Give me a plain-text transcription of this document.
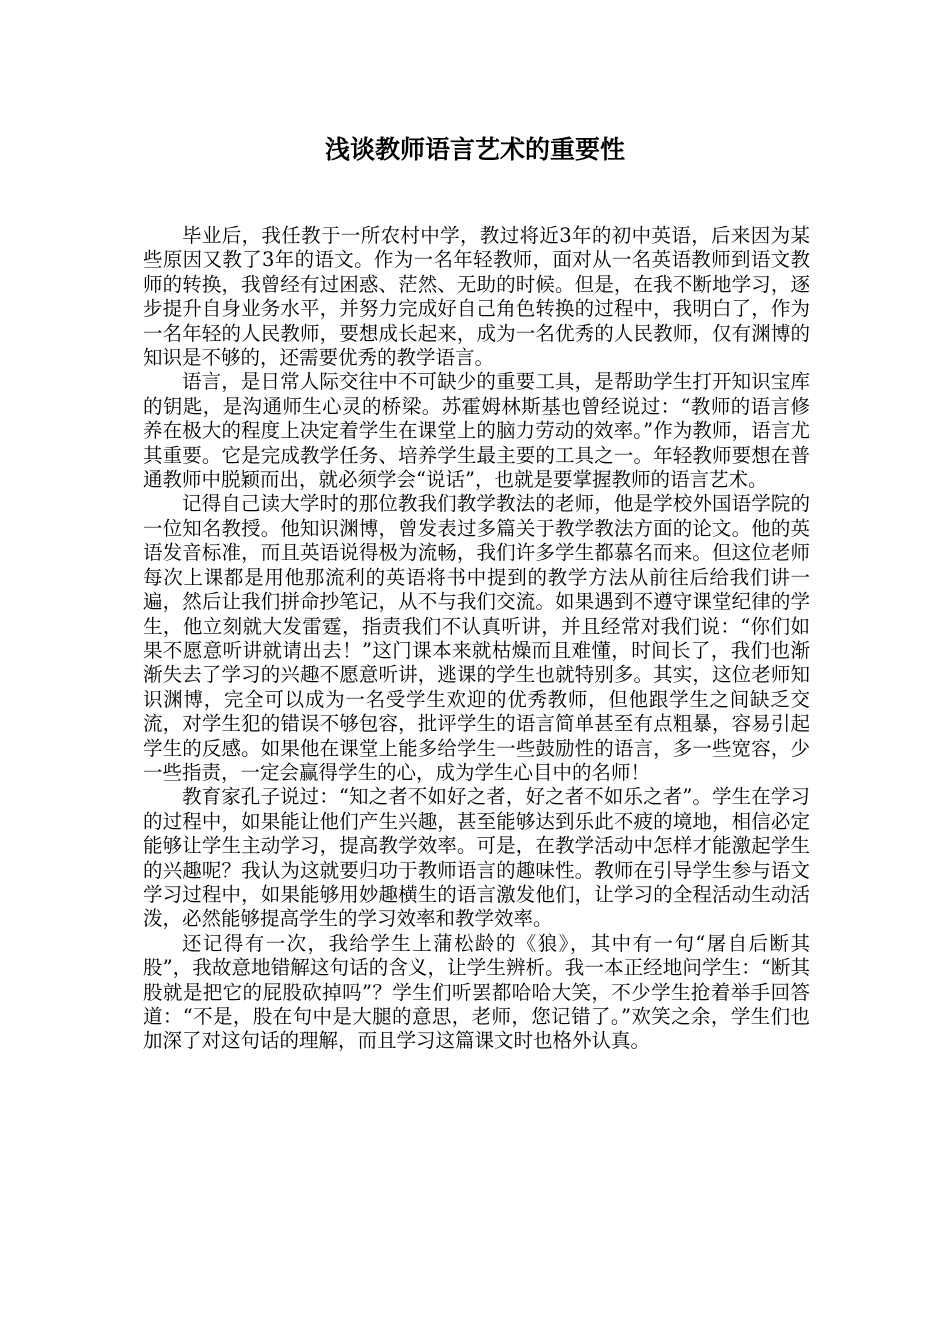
浅谈教师语言艺术的重要性

毕业后，我任教于一所农村中学，教过将近3年的初中英语，后来因为某些原因又教了3年的语文。作为一名年轻教师，面对从一名英语教师到语文教师的转换，我曾经有过困惑、茫然、无助的时候。但是，在我不断地学习，逐步提升自身业务水平，并努力完成好自己角色转换的过程中，我明白了，作为一名年轻的人民教师，要想成长起来，成为一名优秀的人民教师，仅有渊博的知识是不够的，还需要优秀的教学语言。

语言，是日常人际交往中不可缺少的重要工具，是帮助学生打开知识宝库的钥匙，是沟通师生心灵的桥梁。苏霍姆林斯基也曾经说过：“教师的语言修养在极大的程度上决定着学生在课堂上的脑力劳动的效率。”作为教师，语言尤其重要。它是完成教学任务、培养学生最主要的工具之一。年轻教师要想在普通教师中脱颖而出，就必须学会“说话”，也就是要掌握教师的语言艺术。

记得自己读大学时的那位教我们教学教法的老师，他是学校外国语学院的一位知名教授。他知识渊博，曾发表过多篇关于教学教法方面的论文。他的英语发音标准，而且英语说得极为流畅，我们许多学生都慕名而来。但这位老师每次上课都是用他那流利的英语将书中提到的教学方法从前往后给我们讲一遍，然后让我们拼命抄笔记，从不与我们交流。如果遇到不遵守课堂纪律的学生，他立刻就大发雷霆，指责我们不认真听讲，并且经常对我们说：“你们如果不愿意听讲就请出去！”这门课本来就枯燥而且难懂，时间长了，我们也渐渐失去了学习的兴趣不愿意听讲，逃课的学生也就特别多。其实，这位老师知识渊博，完全可以成为一名受学生欢迎的优秀教师，但他跟学生之间缺乏交流，对学生犯的错误不够包容，批评学生的语言简单甚至有点粗暴，容易引起学生的反感。如果他在课堂上能多给学生一些鼓励性的语言，多一些宽容，少一些指责，一定会赢得学生的心，成为学生心目中的名师！

教育家孔子说过：“知之者不如好之者，好之者不如乐之者”。学生在学习的过程中，如果能让他们产生兴趣，甚至能够达到乐此不疲的境地，相信必定能够让学生主动学习，提高教学效率。可是，在教学活动中怎样才能激起学生的兴趣呢？我认为这就要归功于教师语言的趣味性。教师在引导学生参与语文学习过程中，如果能够用妙趣横生的语言激发他们，让学习的全程活动生动活泼，必然能够提高学生的学习效率和教学效率。

还记得有一次，我给学生上蒲松龄的《狼》，其中有一句“屠自后断其股”，我故意地错解这句话的含义，让学生辨析。我一本正经地问学生：“断其股就是把它的屁股砍掉吗”？学生们听罢都哈哈大笑，不少学生抢着举手回答道：“不是，股在句中是大腿的意思，老师，您记错了。”欢笑之余，学生们也加深了对这句话的理解，而且学习这篇课文时也格外认真。
